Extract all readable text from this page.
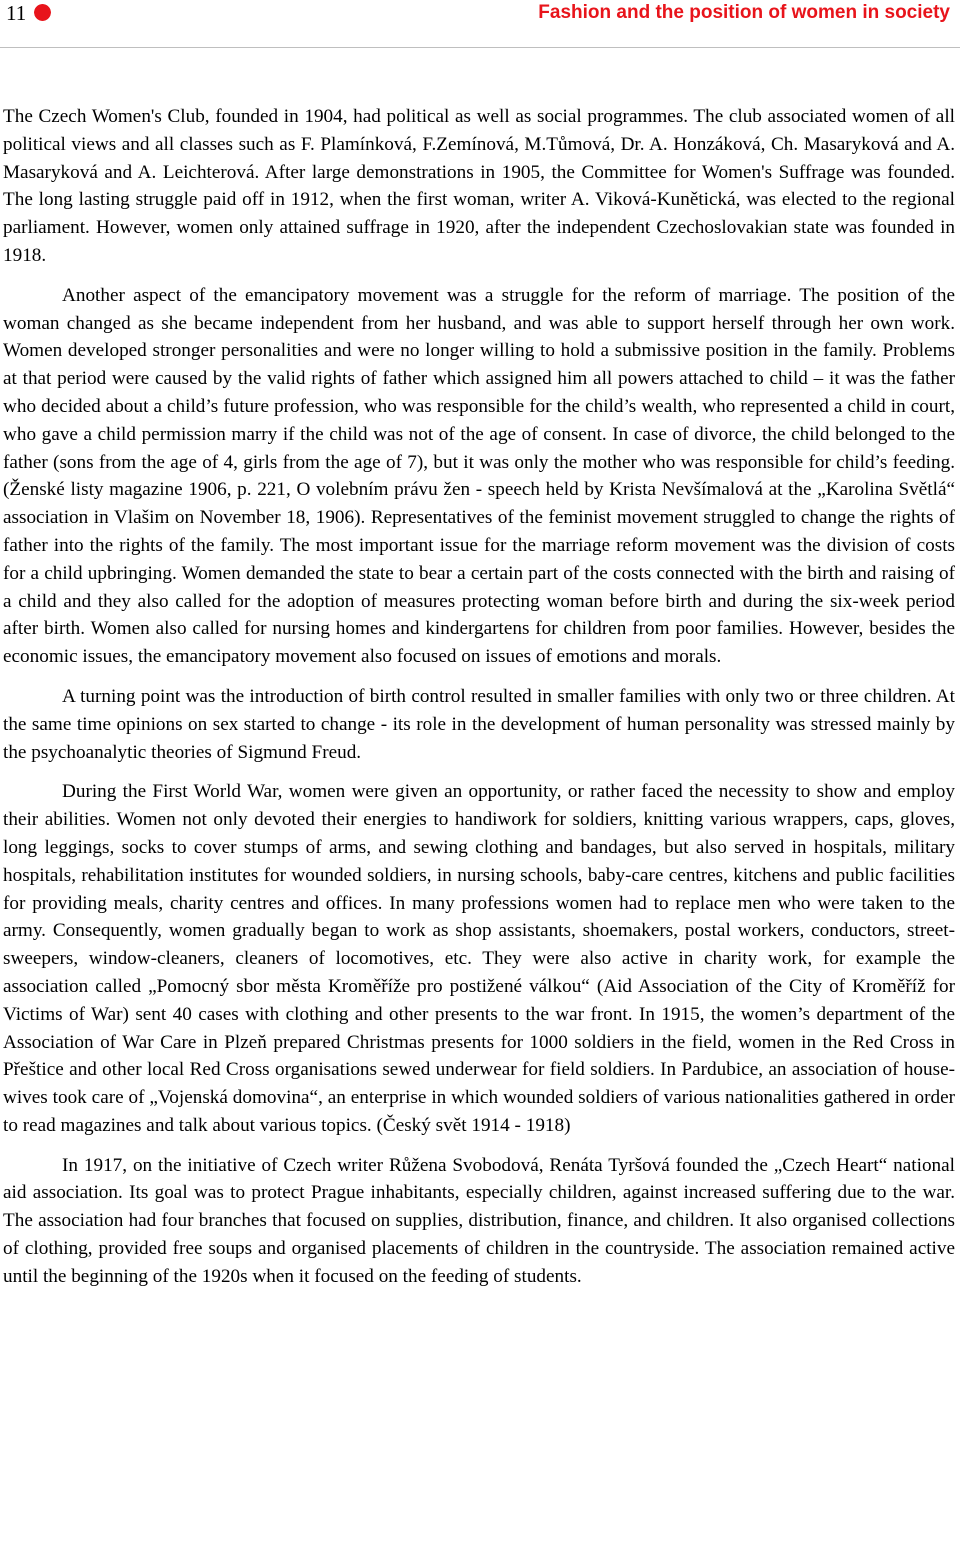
11	Fashion and the position of women in society

The Czech Women's Club, founded in 1904, had political as well as social programmes. The club associated women of all political views and all classes such as F. Plamínková, F.Zemínová, M.Tůmová, Dr. A. Honzáková, Ch. Masaryková and A. Masaryková and A. Leichterová. After large demonstrations in 1905, the Committee for Women's Suffrage was founded. The long lasting struggle paid off in 1912, when the first woman, writer A. Viková-Kunětická, was elected to the regional parliament. However, women only attained suffrage in 1920, after the independent Czechoslovakian state was founded in 1918.

Another aspect of the emancipatory movement was a struggle for the reform of marriage. The position of the woman changed as she became independent from her husband, and was able to support herself through her own work. Women developed stronger personalities and were no longer willing to hold a submissive position in the family. Problems at that period were caused by the valid rights of father which assigned him all powers attached to child – it was the father who decided about a child’s future profession, who was responsible for the child’s wealth, who represented a child in court, who gave a child permission marry if the child was not of the age of consent. In case of divorce, the child belonged to the father (sons from the age of 4, girls from the age of 7), but it was only the mother who was responsible for child’s feeding. (Ženské listy magazine 1906, p. 221, O volebním právu žen - speech held by Krista Nevšímalová at the „Karolina Světlá“ association in Vlašim on November 18, 1906). Representatives of the feminist movement struggled to change the rights of father into the rights of the family. The most important issue for the marriage reform movement was the division of costs for a child upbringing. Women demanded the state to bear a certain part of the costs connected with the birth and raising of a child and they also called for the adoption of measures protecting woman before birth and during the six-week period after birth. Women also called for nursing homes and kindergartens for children from poor families. However, besides the economic issues, the emancipatory movement also focused on issues of emotions and morals.

A turning point was the introduction of birth control resulted in smaller families with only two or three children. At the same time opinions on sex started to change - its role in the development of human personality was stressed mainly by the psychoanalytic theories of Sigmund Freud.

During the First World War, women were given an opportunity, or rather faced the necessity to show and employ their abilities. Women not only devoted their energies to handiwork for soldiers, knitting various wrappers, caps, gloves, long leggings, socks to cover stumps of arms, and sewing clothing and bandages, but also served in hospitals, military hospitals, rehabilitation institutes for wounded soldiers, in nursing schools, baby-care centres, kitchens and public facilities for providing meals, charity centres and offices. In many professions women had to replace men who were taken to the army. Consequently, women gradually began to work as shop assistants, shoemakers, postal workers, conductors, street-sweepers, window-cleaners, cleaners of locomotives, etc. They were also active in charity work, for example the association called „Pomocný sbor města Kroměříže pro postižené válkou“ (Aid Association of the City of Kroměříž for Victims of War) sent 40 cases with clothing and other presents to the war front. In 1915, the women’s department of the Association of War Care in Plzeň prepared Christmas presents for 1000 soldiers in the field, women in the Red Cross in Přeštice and other local Red Cross organisations sewed underwear for field soldiers. In Pardubice, an association of house-wives took care of „Vojenská domovina“, an enterprise in which wounded soldiers of various nationalities gathered in order to read magazines and talk about various topics. (Český svět 1914 - 1918)

In 1917, on the initiative of Czech writer Růžena Svobodová, Renáta Tyršová founded the „Czech Heart“ national aid association. Its goal was to protect Prague inhabitants, especially children, against increased suffering due to the war. The association had four branches that focused on supplies, distribution, finance, and children. It also organised collections of clothing, provided free soups and organised placements of children in the countryside. The association remained active until the beginning of the 1920s when it focused on the feeding of students.
